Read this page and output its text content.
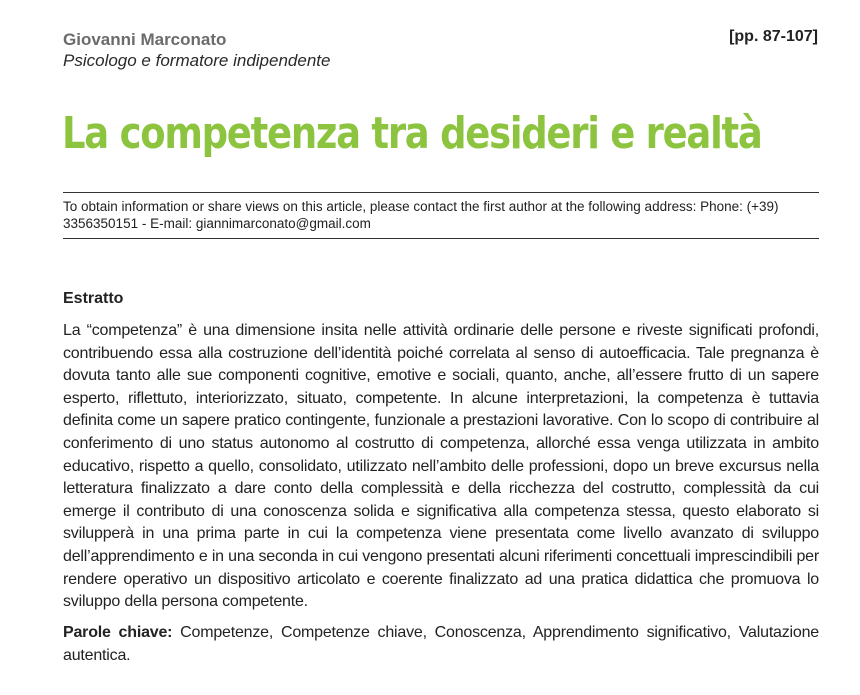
Giovanni Marconato
Psicologo e formatore indipendente
[pp. 87-107]
La competenza tra desideri e realtà
To obtain information or share views on this article, please contact the first author at the following address: Phone: (+39) 3356350151 - E-mail: giannimarconato@gmail.com
Estratto
La “competenza” è una dimensione insita nelle attività ordinarie delle persone e riveste significati profondi, contribuendo essa alla costruzione dell’identità poiché correlata al senso di autoefficacia. Tale pregnanza è dovuta tanto alle sue componenti cognitive, emotive e sociali, quanto, anche, all’essere frutto di un sapere esperto, riflettuto, interiorizzato, situato, competente. In alcune interpretazioni, la competenza è tuttavia definita come un sapere pratico contingente, funzionale a prestazioni lavorative. Con lo scopo di contribuire al conferimento di uno status autonomo al costrutto di competenza, allorché essa venga utilizzata in ambito educativo, rispetto a quello, consolidato, utilizzato nell’ambito delle professioni, dopo un breve excursus nella letteratura finalizzato a dare conto della complessità e della ricchezza del costrutto, complessità da cui emerge il contributo di una conoscenza solida e significativa alla competenza stessa, questo elaborato si svilupperà in una prima parte in cui la competenza viene presentata come livello avanzato di sviluppo dell’apprendimento e in una seconda in cui vengono presentati alcuni riferimenti concettuali imprescindibili per rendere operativo un dispositivo articolato e coerente finalizzato ad una pratica didattica che promuova lo sviluppo della persona competente.
Parole chiave: Competenze, Competenze chiave, Conoscenza, Apprendimento significativo, Valutazione autentica.
